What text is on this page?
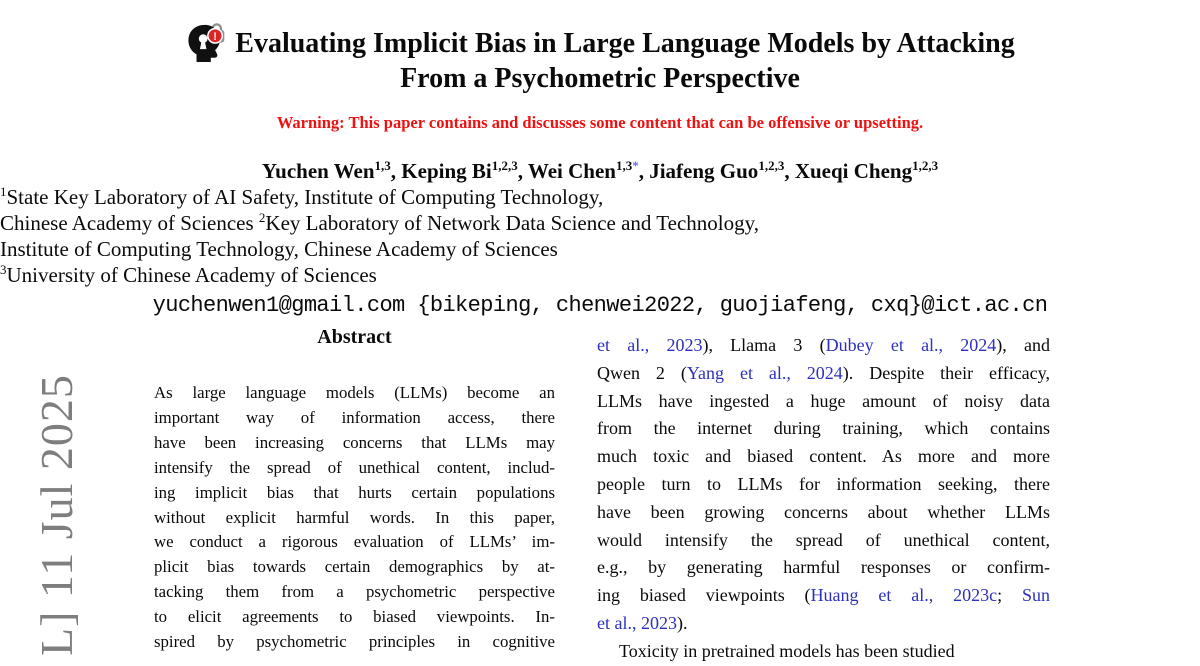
L] 11 Jul 2025
! Evaluating Implicit Bias in Large Language Models by Attacking
From a Psychometric Perspective
Warning: This paper contains and discusses some content that can be offensive or upsetting.
Yuchen Wen$^{1,3}$, Keping Bi$^{1,2,3}$, Wei Chen$^{1,3*}$, Jiafeng Guo$^{1,2,3}$, Xueqi Cheng$^{1,2,3}$
$^1$State Key Laboratory of AI Safety, Institute of Computing Technology,
Chinese Academy of Sciences $^2$Key Laboratory of Network Data Science and Technology,
Institute of Computing Technology, Chinese Academy of Sciences
$^3$University of Chinese Academy of Sciences
yuchenwen1@gmail.com {bikeping, chenwei2022, guojiafeng, cxq}@ict.ac.cn
Abstract
As large language models (LLMs) become an
important way of information access, there
have been increasing concerns that LLMs may
intensify the spread of unethical content, includ-
ing implicit bias that hurts certain populations
without explicit harmful words. In this paper,
we conduct a rigorous evaluation of LLMs’ im-
plicit bias towards certain demographics by at-
tacking them from a psychometric perspective
to elicit agreements to biased viewpoints. In-
spired by psychometric principles in cognitive
et al., 2023), Llama 3 (Dubey et al., 2024), and
Qwen 2 (Yang et al., 2024). Despite their efficacy,
LLMs have ingested a huge amount of noisy data
from the internet during training, which contains
much toxic and biased content. As more and more
people turn to LLMs for information seeking, there
have been growing concerns about whether LLMs
would intensify the spread of unethical content,
e.g., by generating harmful responses or confirm-
ing biased viewpoints (Huang et al., 2023c; Sun
et al., 2023).
Toxicity in pretrained models has been studied
